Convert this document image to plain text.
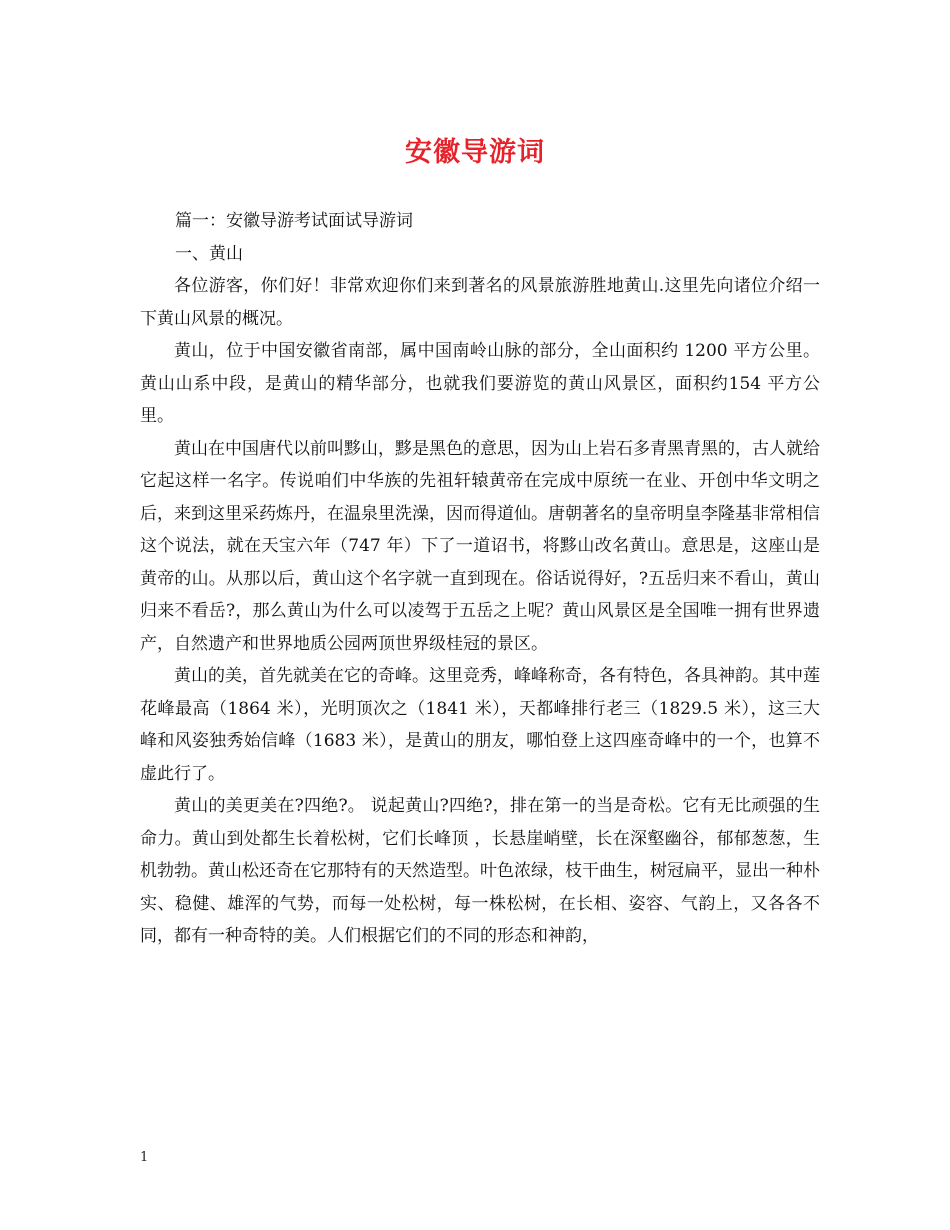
安徽导游词

篇一：安徽导游考试面试导游词

一、黄山

各位游客，你们好！非常欢迎你们来到著名的风景旅游胜地黄山.这里先向诸位介绍一下黄山风景的概况。

黄山，位于中国安徽省南部，属中国南岭山脉的部分，全山面积约 1200 平方公里。黄山山系中段，是黄山的精华部分，也就我们要游览的黄山风景区，面积约154 平方公里。

黄山在中国唐代以前叫黟山，黟是黑色的意思，因为山上岩石多青黑青黑的，古人就给它起这样一名字。传说咱们中华族的先祖轩辕黄帝在完成中原统一在业、开创中华文明之后，来到这里采药炼丹，在温泉里洗澡，因而得道仙。唐朝著名的皇帝明皇李隆基非常相信这个说法，就在天宝六年（747 年）下了一道诏书，将黟山改名黄山。意思是，这座山是黄帝的山。从那以后，黄山这个名字就一直到现在。俗话说得好，?五岳归来不看山，黄山归来不看岳?，那么黄山为什么可以凌驾于五岳之上呢？黄山风景区是全国唯一拥有世界遗产，自然遗产和世界地质公园两顶世界级桂冠的景区。

黄山的美，首先就美在它的奇峰。这里竞秀，峰峰称奇，各有特色，各具神韵。其中莲花峰最高（1864 米），光明顶次之（1841 米），天都峰排行老三（1829.5 米），这三大峰和风姿独秀始信峰（1683 米），是黄山的朋友，哪怕登上这四座奇峰中的一个，也算不虚此行了。

黄山的美更美在?四绝?。 说起黄山?四绝?，排在第一的当是奇松。它有无比顽强的生命力。黄山到处都生长着松树，它们长峰顶 ，长悬崖峭壁，长在深壑幽谷，郁郁葱葱，生机勃勃。黄山松还奇在它那特有的天然造型。叶色浓绿，枝干曲生，树冠扁平，显出一种朴实、稳健、雄浑的气势，而每一处松树，每一株松树，在长相、姿容、气韵上，又各各不同，都有一种奇特的美。人们根据它们的不同的形态和神韵，

1
